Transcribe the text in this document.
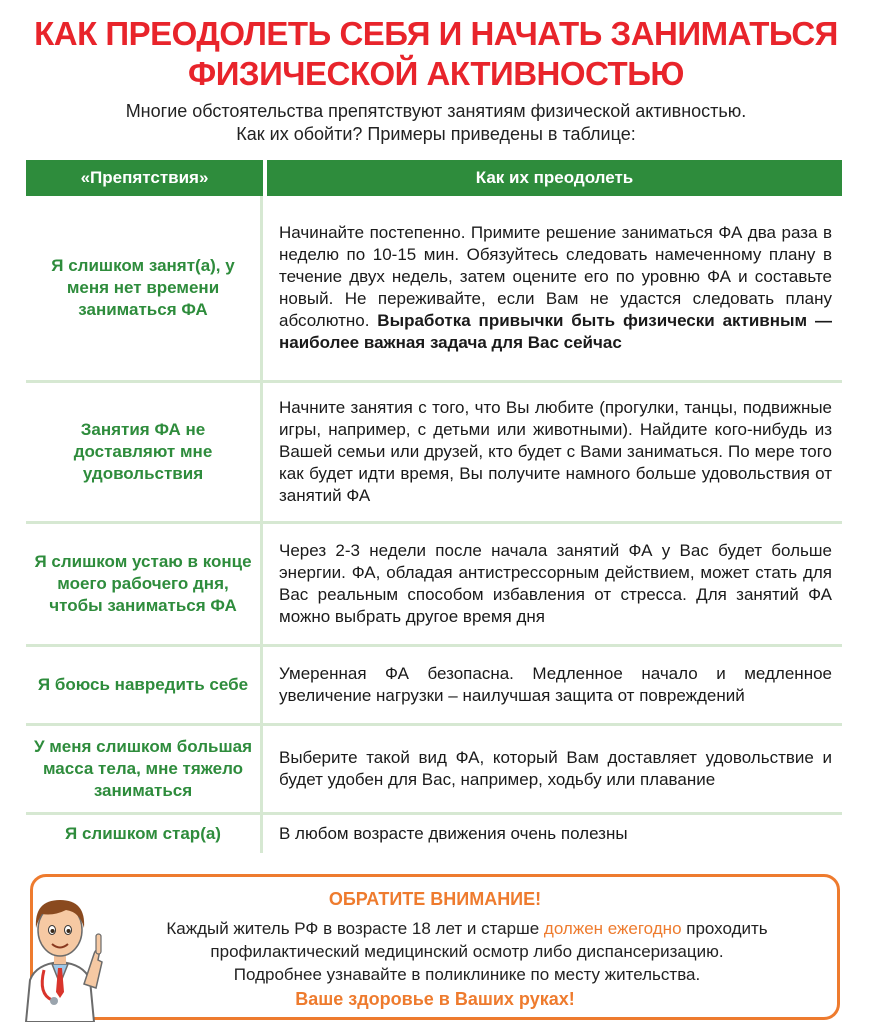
КАК ПРЕОДОЛЕТЬ СЕБЯ И НАЧАТЬ ЗАНИМАТЬСЯ
ФИЗИЧЕСКОЙ АКТИВНОСТЬЮ
Многие обстоятельства препятствуют занятиям физической активностью.
Как их обойти? Примеры приведены в таблице:
«Препятствия»	Как их преодолеть
Я слишком занят(а), у меня нет времени заниматься ФА
Начинайте постепенно. Примите решение заниматься ФА два раза в неделю по 10-15 мин. Обязуйтесь следовать намеченному плану в течение двух недель, затем оцените его по уровню ФА и составьте новый. Не переживайте, если Вам не удастся следовать плану абсолютно. Выработка привычки быть физически активным — наиболее важная задача для Вас сейчас
Занятия ФА не доставляют мне удовольствия
Начните занятия с того, что Вы любите (прогулки, танцы, подвижные игры, например, с детьми или животными). Найдите кого-нибудь из Вашей семьи или друзей, кто будет с Вами заниматься. По мере того как будет идти время, Вы получите намного больше удовольствия от занятий ФА
Я слишком устаю в конце моего рабочего дня, чтобы заниматься ФА
Через 2-3 недели после начала занятий ФА у Вас будет больше энергии. ФА, обладая антистрессорным действием, может стать для Вас реальным способом избавления от стресса. Для занятий ФА можно выбрать другое время дня
Я боюсь навредить себе
Умеренная ФА безопасна. Медленное начало и медленное увеличение нагрузки – наилучшая защита от повреждений
У меня слишком большая масса тела, мне тяжело заниматься
Выберите такой вид ФА, который Вам доставляет удовольствие и будет удобен для Вас, например, ходьбу или плавание
Я слишком стар(а)	В любом возрасте движения очень полезны
ОБРАТИТЕ ВНИМАНИЕ!
Каждый житель РФ в возрасте 18 лет и старше должен ежегодно проходить профилактический медицинский осмотр либо диспансеризацию.
Подробнее узнавайте в поликлинике по месту жительства.
Ваше здоровье в Ваших руках!
